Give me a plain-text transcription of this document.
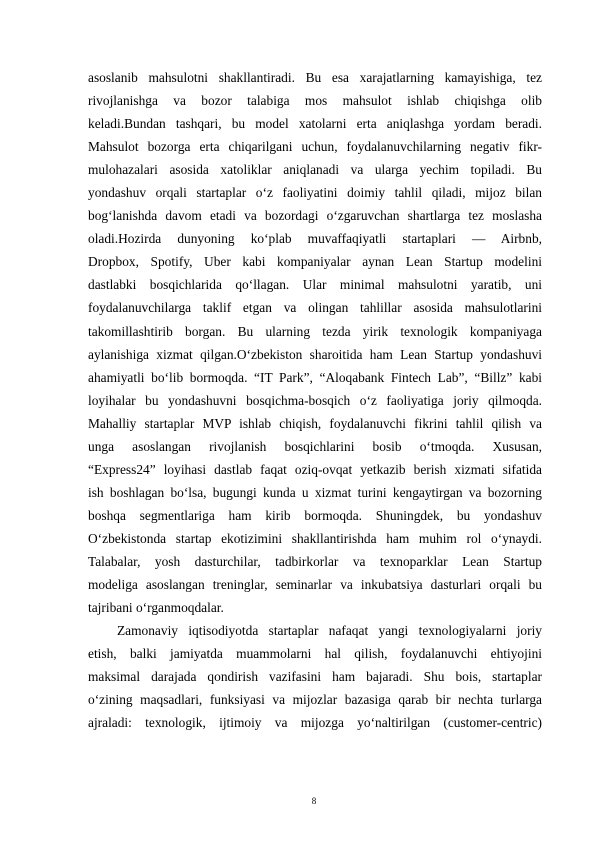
asoslanib mahsulotni shakllantiradi. Bu esa xarajatlarning kamayishiga, tez
rivojlanishga va bozor talabiga mos mahsulot ishlab chiqishga olib
keladi.Bundan tashqari, bu model xatolarni erta aniqlashga yordam beradi.
Mahsulot bozorga erta chiqarilgani uchun, foydalanuvchilarning negativ fikr-
mulohazalari asosida xatoliklar aniqlanadi va ularga yechim topiladi. Bu
yondashuv orqali startaplar o‘z faoliyatini doimiy tahlil qiladi, mijoz bilan
bog‘lanishda davom etadi va bozordagi o‘zgaruvchan shartlarga tez moslasha
oladi.Hozirda dunyoning ko‘plab muvaffaqiyatli startaplari — Airbnb,
Dropbox, Spotify, Uber kabi kompaniyalar aynan Lean Startup modelini
dastlabki bosqichlarida qo‘llagan. Ular minimal mahsulotni yaratib, uni
foydalanuvchilarga taklif etgan va olingan tahlillar asosida mahsulotlarini
takomillashtirib borgan. Bu ularning tezda yirik texnologik kompaniyaga
aylanishiga xizmat qilgan.O‘zbekiston sharoitida ham Lean Startup yondashuvi
ahamiyatli bo‘lib bormoqda. “IT Park”, “Aloqabank Fintech Lab”, “Billz” kabi
loyihalar bu yondashuvni bosqichma-bosqich o‘z faoliyatiga joriy qilmoqda.
Mahalliy startaplar MVP ishlab chiqish, foydalanuvchi fikrini tahlil qilish va
unga asoslangan rivojlanish bosqichlarini bosib o‘tmoqda. Xususan,
“Express24” loyihasi dastlab faqat oziq-ovqat yetkazib berish xizmati sifatida
ish boshlagan bo‘lsa, bugungi kunda u xizmat turini kengaytirgan va bozorning
boshqa segmentlariga ham kirib bormoqda. Shuningdek, bu yondashuv
O‘zbekistonda startap ekotizimini shakllantirishda ham muhim rol o‘ynaydi.
Talabalar, yosh dasturchilar, tadbirkorlar va texnoparklar Lean Startup
modeliga asoslangan treninglar, seminarlar va inkubatsiya dasturlari orqali bu
tajribani o‘rganmoqdalar.
Zamonaviy iqtisodiyotda startaplar nafaqat yangi texnologiyalarni joriy
etish, balki jamiyatda muammolarni hal qilish, foydalanuvchi ehtiyojini
maksimal darajada qondirish vazifasini ham bajaradi. Shu bois, startaplar
o‘zining maqsadlari, funksiyasi va mijozlar bazasiga qarab bir nechta turlarga
ajraladi: texnologik, ijtimoiy va mijozga yo‘naltirilgan (customer-centric)
8
